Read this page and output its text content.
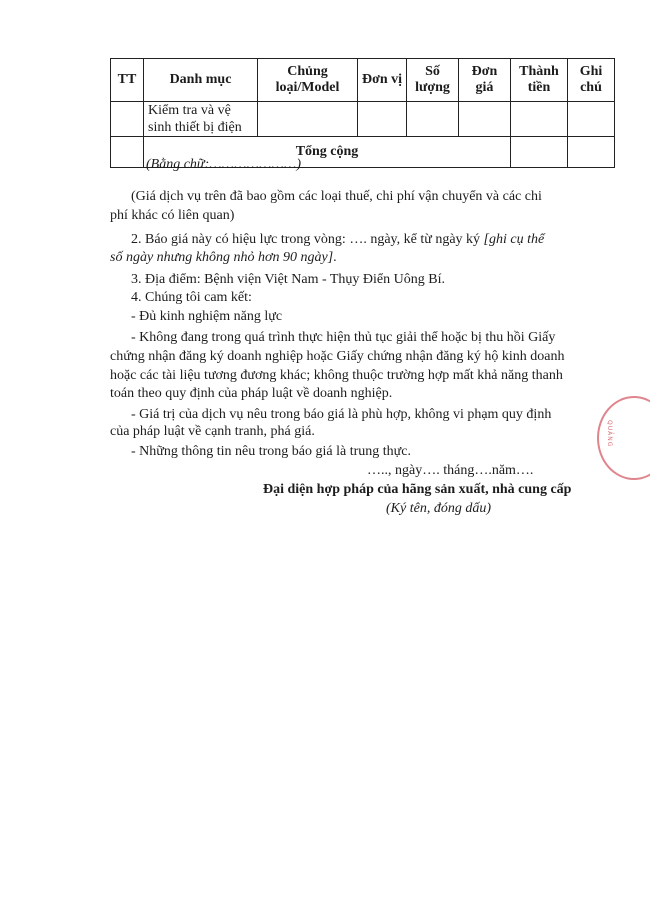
TT	Danh mục	Chủng loại/Model	Đơn vị	Số lượng	Đơn giá	Thành tiền	Ghi chú
	Kiểm tra và vệ
sinh thiết bị điện						
	Tổng cộng						
(Bằng chữ:…………………)
(Giá dịch vụ trên đã bao gồm các loại thuế, chi phí vận chuyển và các chi
phí khác có liên quan)
2. Báo giá này có hiệu lực trong vòng: …. ngày, kể từ ngày ký [ghi cụ thể
số ngày nhưng không nhỏ hơn 90 ngày].
3. Địa điểm: Bệnh viện Việt Nam - Thụy Điển Uông Bí.
4. Chúng tôi cam kết:
- Đủ kinh nghiệm năng lực
- Không đang trong quá trình thực hiện thủ tục giải thể hoặc bị thu hồi Giấy
chứng nhận đăng ký doanh nghiệp hoặc Giấy chứng nhận đăng ký hộ kinh doanh
hoặc các tài liệu tương đương khác; không thuộc trường hợp mất khả năng thanh
toán theo quy định của pháp luật về doanh nghiệp.
- Giá trị của dịch vụ nêu trong báo giá là phù hợp, không vi phạm quy định
của pháp luật về cạnh tranh, phá giá.
- Những thông tin nêu trong báo giá là trung thực.
….., ngày…. tháng….năm….
Đại diện hợp pháp của hãng sản xuất, nhà cung cấp
(Ký tên, đóng dấu)
QUẢNG
